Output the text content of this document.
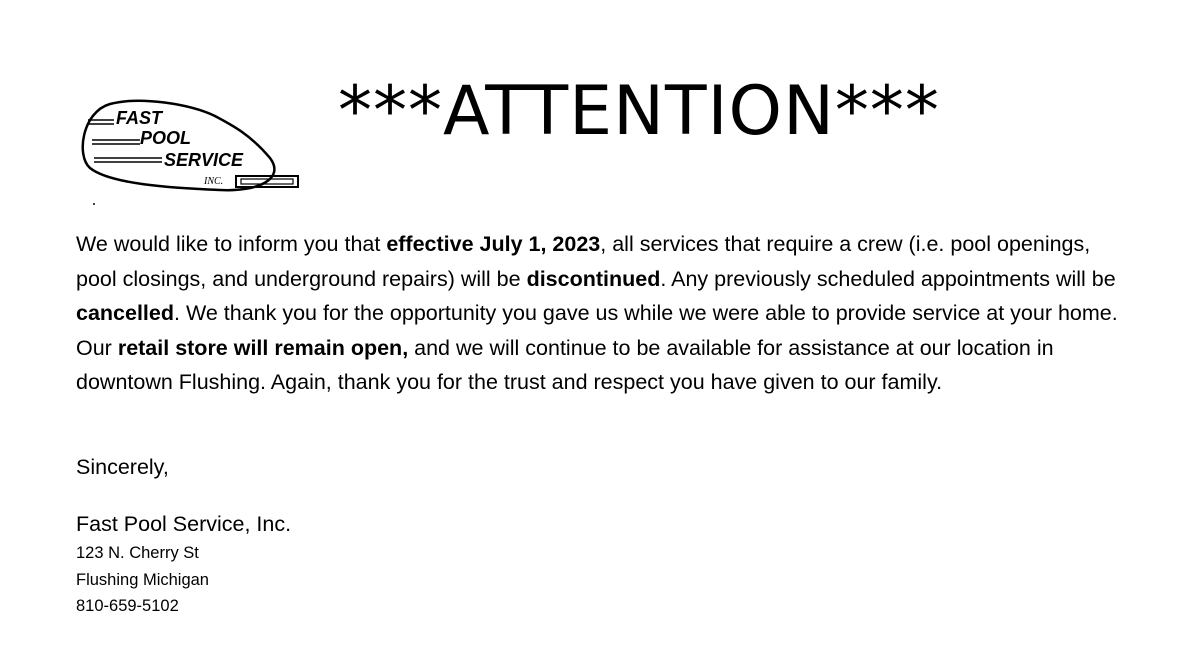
FAST
POOL
SERVICE
INC.
***ATTENTION***

We would like to inform you that effective July 1, 2023, all services that require a crew (i.e. pool openings, pool closings, and underground repairs) will be discontinued. Any previously scheduled appointments will be cancelled. We thank you for the opportunity you gave us while we were able to provide service at your home. Our retail store will remain open, and we will continue to be available for assistance at our location in downtown Flushing. Again, thank you for the trust and respect you have given to our family.

Sincerely,
Fast Pool Service, Inc.
123 N. Cherry St
Flushing Michigan
810-659-5102
